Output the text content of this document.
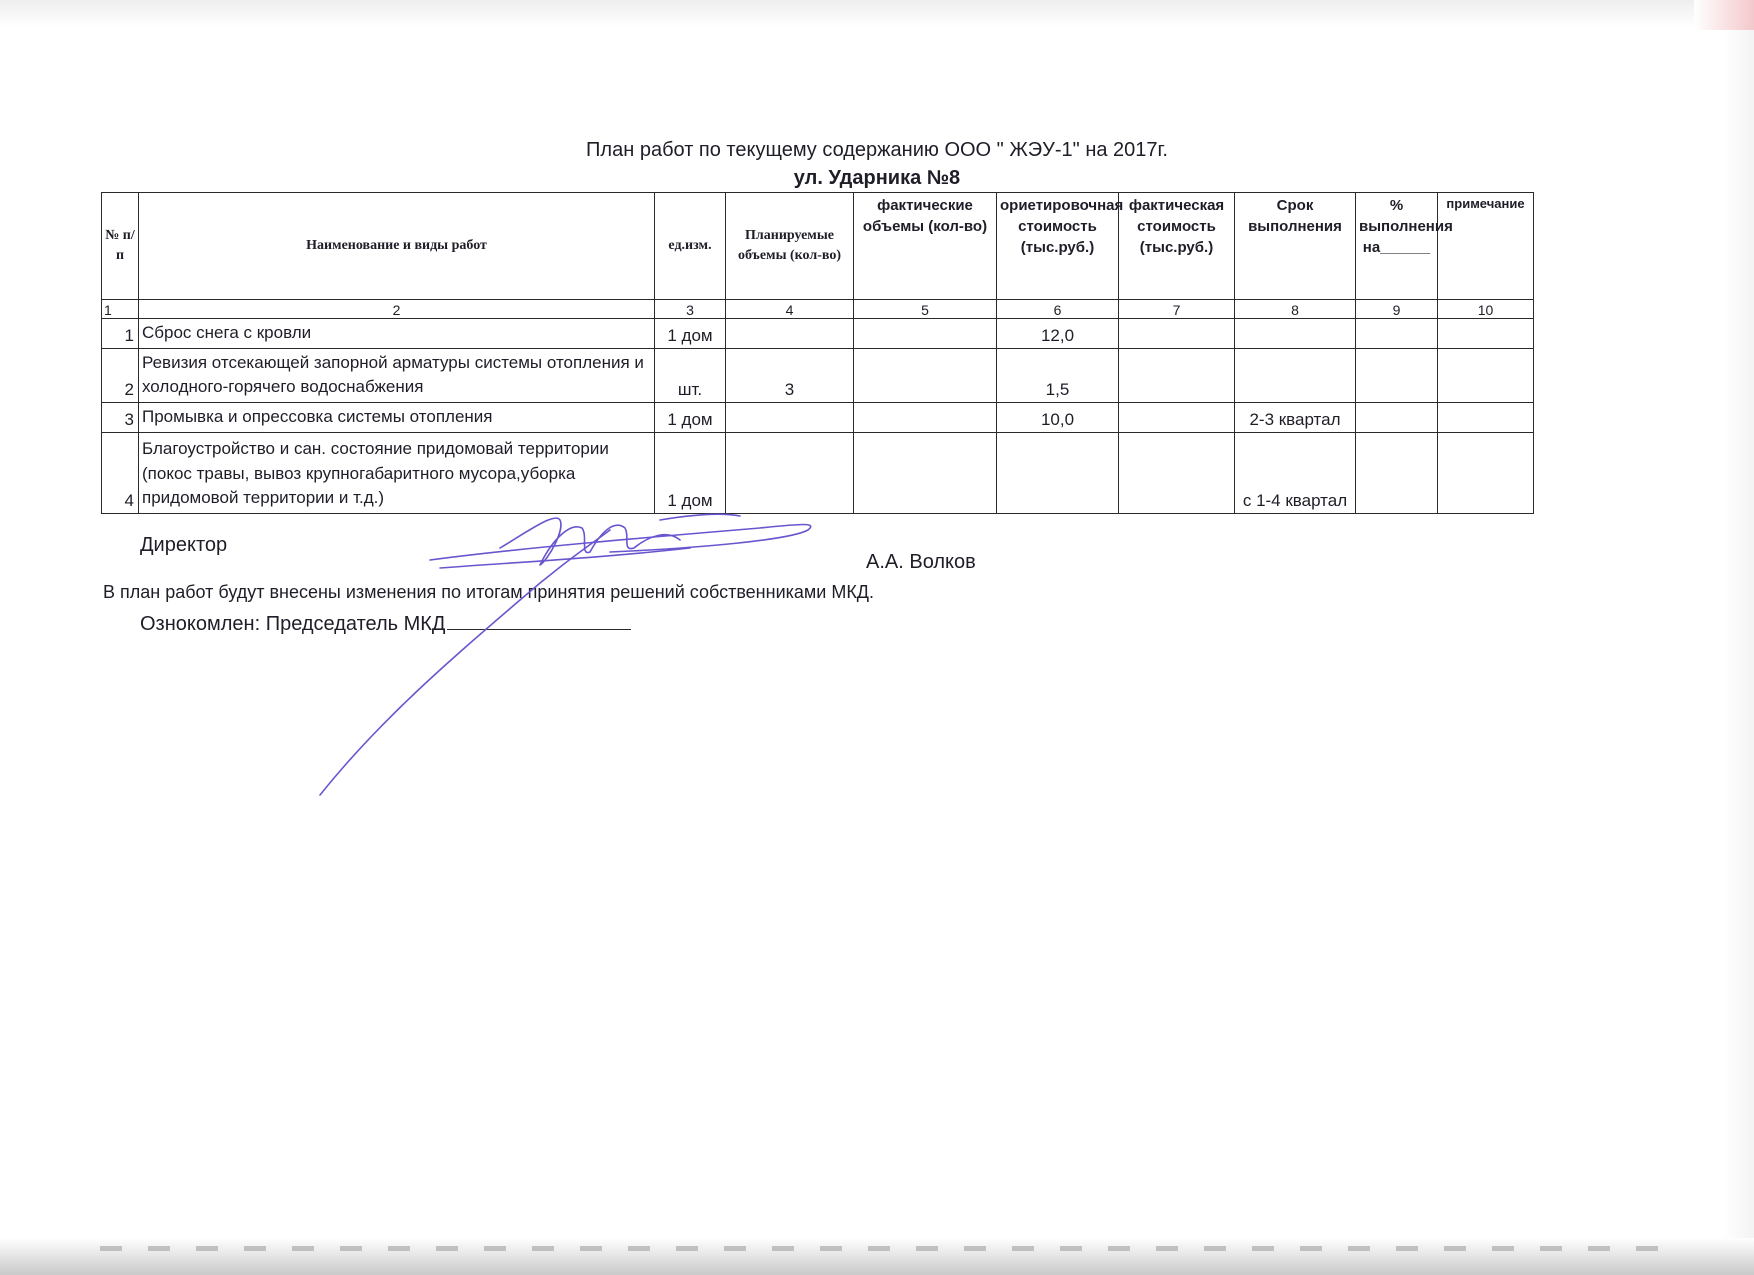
План работ по текущему содержанию ООО " ЖЭУ-1" на 2017г.
ул. Ударника №8
№ п/п	Наименование и виды работ	ед.изм.	Планируемые объемы (кол-во)	фактические объемы (кол-во)	ориетировочная стоимость (тыс.руб.)	фактическая стоимость (тыс.руб.)	Срок выполнения	% выполнения на______	примечание
1	2	3	4	5	6	7	8	9	10
1	Сброс снега с кровли	1 дом			12,0				
2	Ревизия отсекающей запорной арматуры системы отопления и холодного-горячего водоснабжения	шт.	3		1,5				
3	Промывка и опрессовка системы отопления	1 дом			10,0		2-3 квартал		
4	Благоустройство и сан. состояние придомовай территории (покос травы, вывоз крупногабаритного мусора,уборка придомовой территории и т.д.)	1 дом					с 1-4 квартал		
Директор
А.А. Волков
В план работ будут внесены изменения по итогам принятия решений собственниками МКД.
Ознокомлен: Председатель МКД
